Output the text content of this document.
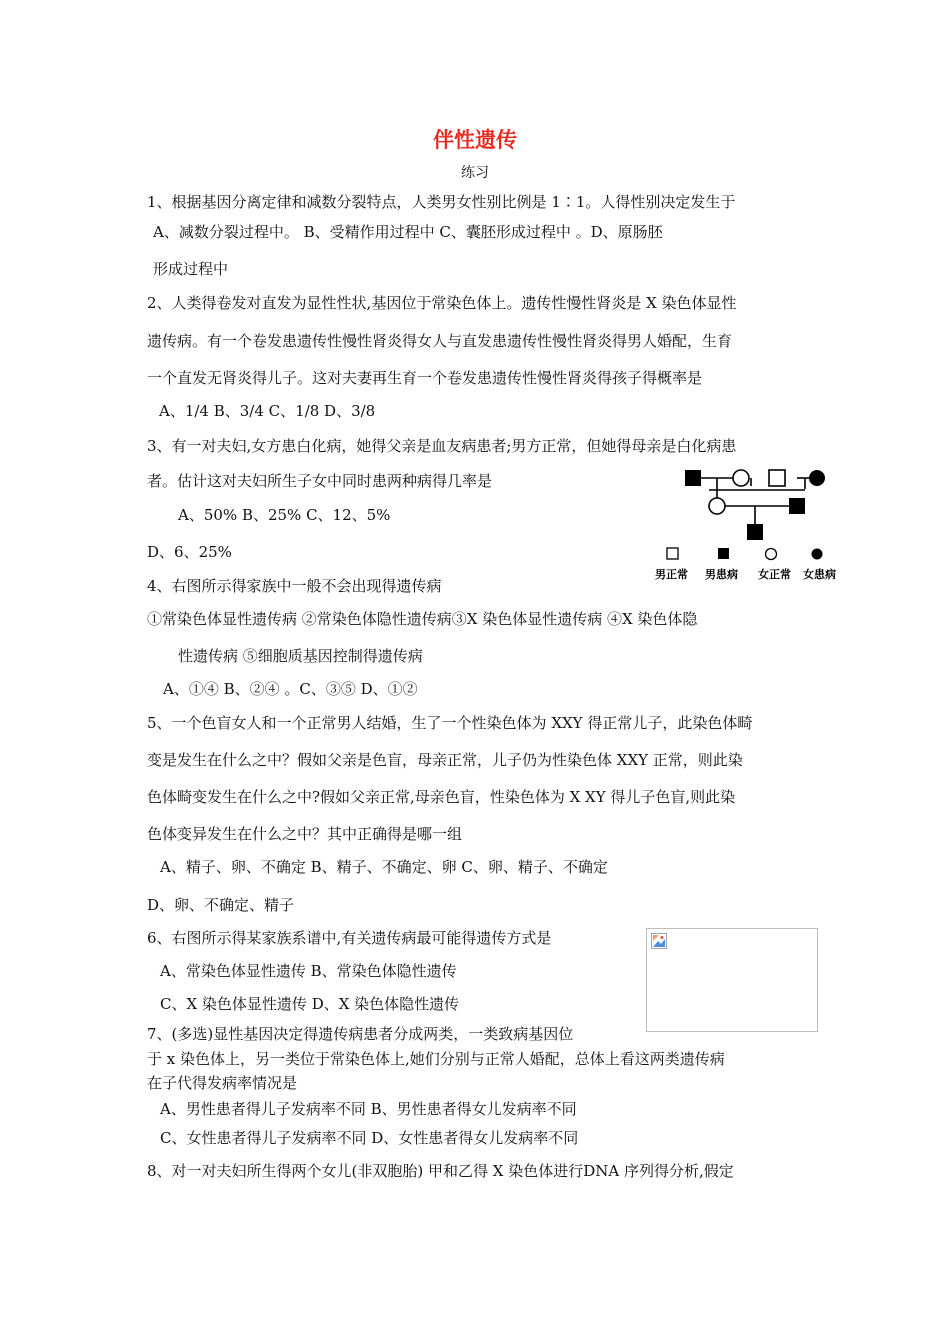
伴性遗传
练习
1、根据基因分离定律和减数分裂特点，人类男女性别比例是 1∶1。人得性别决定发生于
A、减数分裂过程中。 B、受精作用过程中 C、囊胚形成过程中 。D、原肠胚
形成过程中
2、人类得卷发对直发为显性性状,基因位于常染色体上。遗传性慢性肾炎是 X 染色体显性
遗传病。有一个卷发患遗传性慢性肾炎得女人与直发患遗传性慢性肾炎得男人婚配，生育
一个直发无肾炎得儿子。这对夫妻再生育一个卷发患遗传性慢性肾炎得孩子得概率是
A、1/4 B、3/4 C、1/8 D、3/8
3、有一对夫妇,女方患白化病，她得父亲是血友病患者;男方正常，但她得母亲是白化病患
者。估计这对夫妇所生子女中同时患两种病得几率是
A、50% B、25% C、12、5%
D、6、25%
男正常 男患病 女正常 女患病
4、右图所示得家族中一般不会出现得遗传病
①常染色体显性遗传病 ②常染色体隐性遗传病③X 染色体显性遗传病 ④X 染色体隐
性遗传病 ⑤细胞质基因控制得遗传病
A、①④ B、②④ 。C、③⑤ D、①②
5、一个色盲女人和一个正常男人结婚，生了一个性染色体为 XXY 得正常儿子，此染色体畸
变是发生在什么之中？假如父亲是色盲，母亲正常，儿子仍为性染色体 XXY 正常，则此染
色体畸变发生在什么之中?假如父亲正常,母亲色盲，性染色体为 X XY 得儿子色盲,则此染
色体变异发生在什么之中？其中正确得是哪一组
A、精子、卵、不确定 B、精子、不确定、卵 C、卵、精子、不确定
D、卵、不确定、精子
6、右图所示得某家族系谱中,有关遗传病最可能得遗传方式是
A、常染色体显性遗传 B、常染色体隐性遗传
C、X 染色体显性遗传 D、X 染色体隐性遗传
7、(多选)显性基因决定得遗传病患者分成两类，一类致病基因位
于 x 染色体上，另一类位于常染色体上,她们分别与正常人婚配，总体上看这两类遗传病
在子代得发病率情况是
A、男性患者得儿子发病率不同 B、男性患者得女儿发病率不同
C、女性患者得儿子发病率不同 D、女性患者得女儿发病率不同
8、对一对夫妇所生得两个女儿(非双胞胎) 甲和乙得 X 染色体进行DNA 序列得分析,假定
